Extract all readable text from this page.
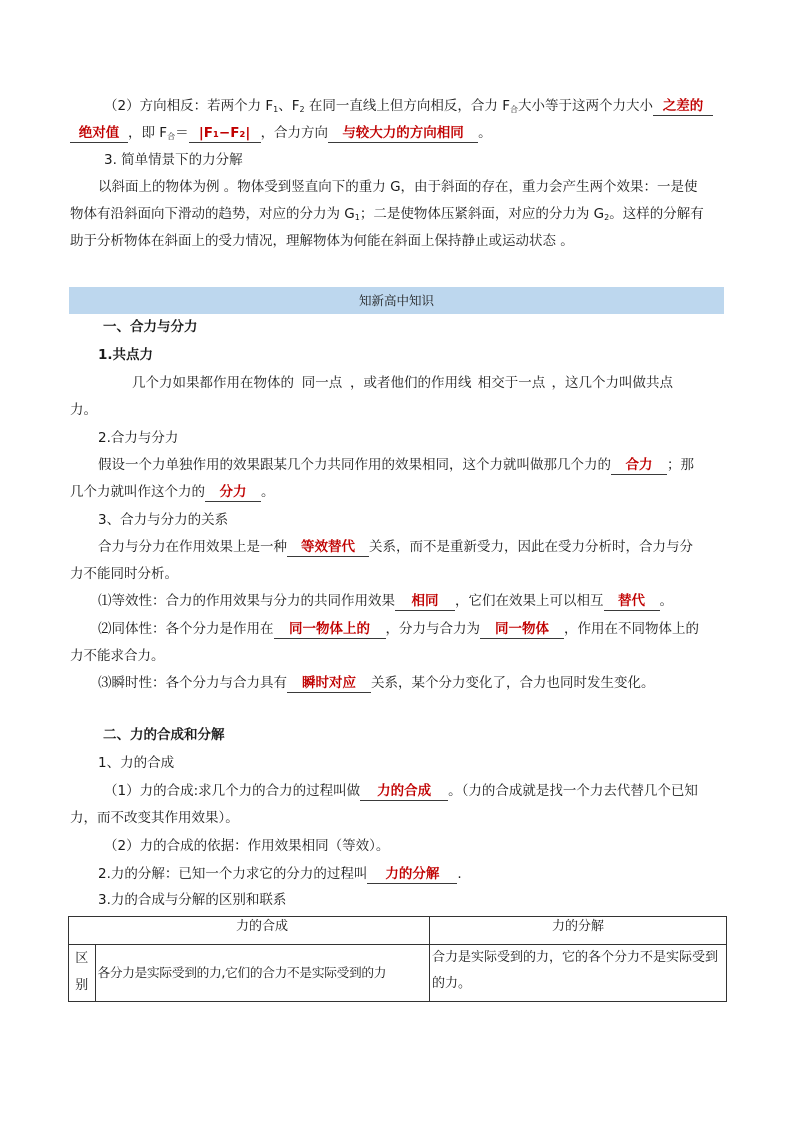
（2）方向相反：若两个力 $F_1$、$F_2$ 在同一直线上但方向相反，合力 $F_合$大小等于这两个力大小 之差的
绝对值 ，即 $F_合= |F_1-F_2|$ ，合力方向 与较大力的方向相同 。
3. 简单情景下的力分解
以斜面上的物体为例 。物体受到竖直向下的重力 G，由于斜面的存在，重力会产生两个效果：一是使
物体有沿斜面向下滑动的趋势，对应的分力为 $G_1$；二是使物体压紧斜面，对应的分力为 $G_2$。这样的分解有
助于分析物体在斜面上的受力情况，理解物体为何能在斜面上保持静止或运动状态 。
知新高中知识
一、合力与分力
1.共点力
几个力如果都作用在物体的 同一点 ，或者他们的作用线 相交于一点 ，这几个力叫做共点
力。
2.合力与分力
假设一个力单独作用的效果跟某几个力共同作用的效果相同，这个力就叫做那几个力的 合力 ；那
几个力就叫作这个力的 分力 。
3、合力与分力的关系
合力与分力在作用效果上是一种 等效替代 关系，而不是重新受力，因此在受力分析时，合力与分
力不能同时分析。
⑴等效性：合力的作用效果与分力的共同作用效果 相同 ，它们在效果上可以相互 替代 。
⑵同体性：各个分力是作用在 同一物体上的 ，分力与合力为 同一物体 ，作用在不同物体上的
力不能求合力。
⑶瞬时性：各个分力与合力具有 瞬时对应 关系，某个分力变化了，合力也同时发生变化。
二、力的合成和分解
1、力的合成
（1）力的合成:求几个力的合力的过程叫做 力的合成 。（力的合成就是找一个力去代替几个已知
力，而不改变其作用效果）。
（2）力的合成的依据：作用效果相同（等效）。
2.力的分解：已知一个力求它的分力的过程叫 力的分解 .
3.力的合成与分解的区别和联系
	力的合成	力的分解

区
别	各分力是实际受到的力,它们的合力不是实际受到的力	合力是实际受到的力，它的各个分力不是实际受到的力。
